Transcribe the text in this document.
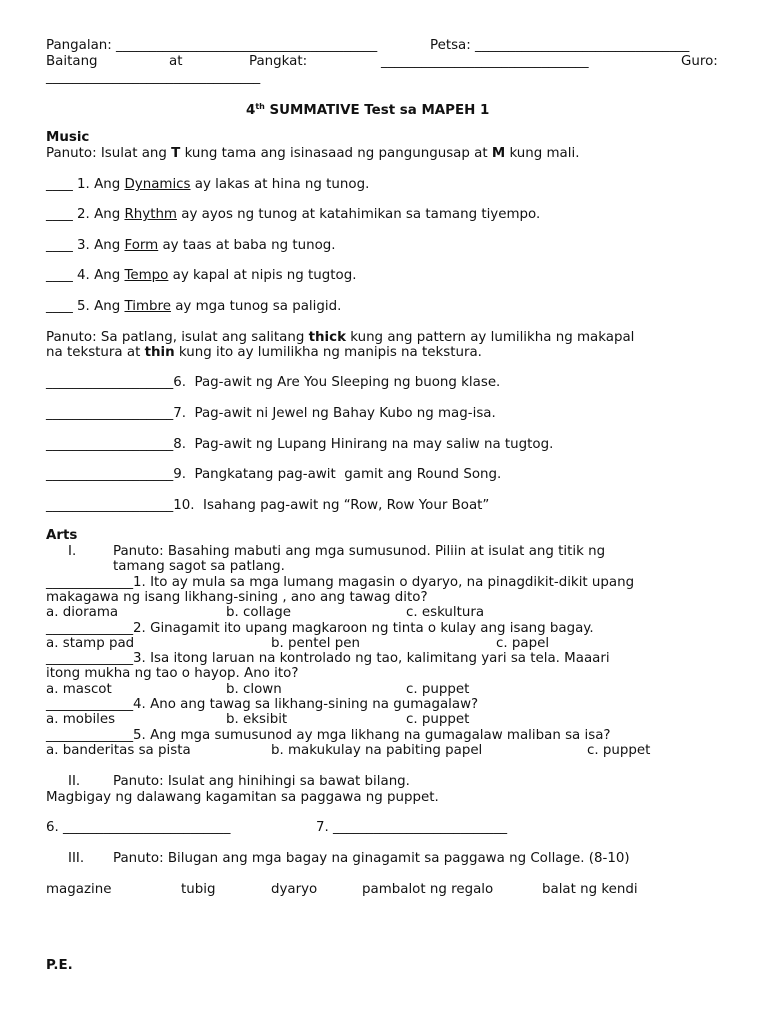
Pangalan: _______________________________________	Petsa: ________________________________
Baitang	at	Pangkat:	_______________________________	Guro:
________________________________
4th SUMMATIVE Test sa MAPEH 1
Music
Panuto: Isulat ang T kung tama ang isinasaad ng pangungusap at M kung mali.
____ 1. Ang Dynamics ay lakas at hina ng tunog.
____ 2. Ang Rhythm ay ayos ng tunog at katahimikan sa tamang tiyempo.
____ 3. Ang Form ay taas at baba ng tunog.
____ 4. Ang Tempo ay kapal at nipis ng tugtog.
____ 5. Ang Timbre ay mga tunog sa paligid.
Panuto: Sa patlang, isulat ang salitang thick kung ang pattern ay lumilikha ng makapal
na tekstura at thin kung ito ay lumilikha ng manipis na tekstura.
___________________6.  Pag-awit ng Are You Sleeping ng buong klase.
___________________7.  Pag-awit ni Jewel ng Bahay Kubo ng mag-isa.
___________________8.  Pag-awit ng Lupang Hinirang na may saliw na tugtog.
___________________9.  Pangkatang pag-awit  gamit ang Round Song.
___________________10.  Isahang pag-awit ng “Row, Row Your Boat”
Arts
I.	Panuto: Basahing mabuti ang mga sumusunod. Piliin at isulat ang titik ng
tamang sagot sa patlang.
_____________1. Ito ay mula sa mga lumang magasin o dyaryo, na pinagdikit-dikit upang
makagawa ng isang likhang-sining , ano ang tawag dito?
a. diorama	b. collage	c. eskultura
_____________2. Ginagamit ito upang magkaroon ng tinta o kulay ang isang bagay.
a. stamp pad	b. pentel pen	c. papel
_____________3. Isa itong laruan na kontrolado ng tao, kalimitang yari sa tela. Maaari
itong mukha ng tao o hayop. Ano ito?
a. mascot	b. clown	c. puppet
_____________4. Ano ang tawag sa likhang-sining na gumagalaw?
a. mobiles	b. eksibit	c. puppet
_____________5. Ang mga sumusunod ay mga likhang na gumagalaw maliban sa isa?
a. banderitas sa pista	b. makukulay na pabiting papel	c. puppet
II. Panuto: Isulat ang hinihingi sa bawat bilang.
Magbigay ng dalawang kagamitan sa paggawa ng puppet.
6. _________________________	7. __________________________
III. Panuto: Bilugan ang mga bagay na ginagamit sa paggawa ng Collage. (8-10)
magazine	tubig	dyaryo	pambalot ng regalo	balat ng kendi
P.E.
